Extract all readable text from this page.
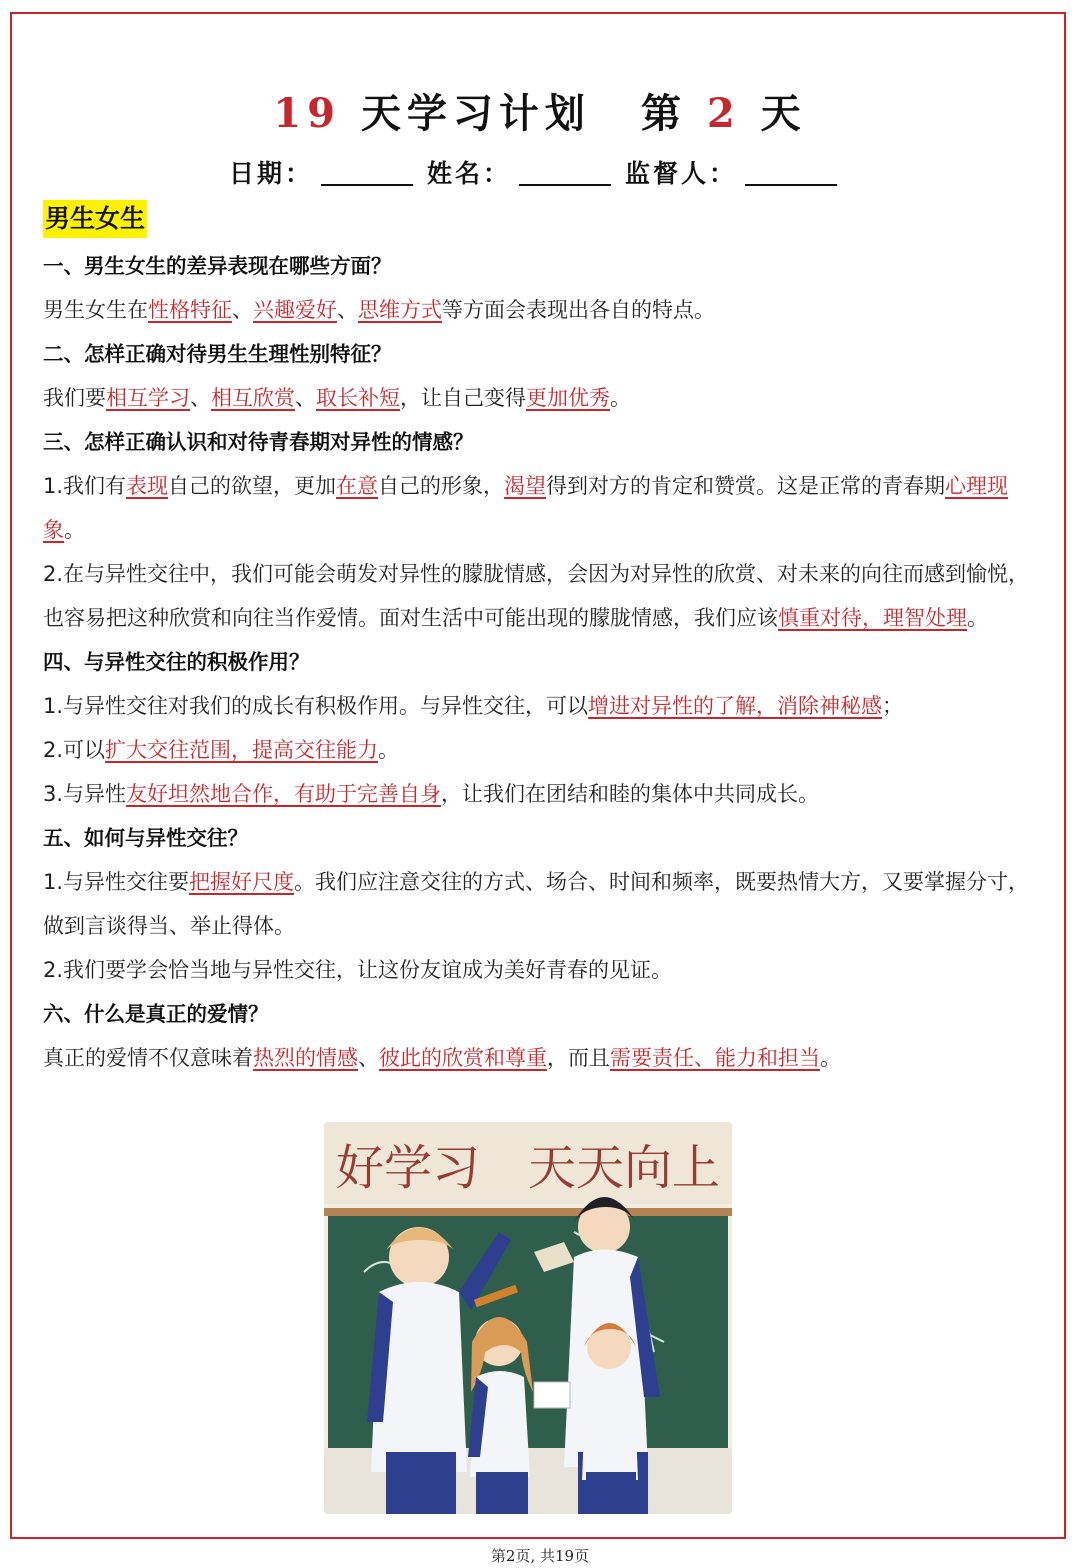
19 天学习计划 第 2 天
日期：	姓名：	监督人：
男生女生
一、男生女生的差异表现在哪些方面？
男生女生在性格特征、兴趣爱好、思维方式等方面会表现出各自的特点。
二、怎样正确对待男生生理性别特征？
我们要相互学习、相互欣赏、取长补短，让自己变得更加优秀。
三、怎样正确认识和对待青春期对异性的情感？
1.我们有表现自己的欲望，更加在意自己的形象，渴望得到对方的肯定和赞赏。这是正常的青春期心理现象。
2.在与异性交往中，我们可能会萌发对异性的朦胧情感，会因为对异性的欣赏、对未来的向往而感到愉悦，也容易把这种欣赏和向往当作爱情。面对生活中可能出现的朦胧情感，我们应该慎重对待，理智处理。
四、与异性交往的积极作用？
1.与异性交往对我们的成长有积极作用。与异性交往，可以增进对异性的了解，消除神秘感；
2.可以扩大交往范围，提高交往能力。
3.与异性友好坦然地合作，有助于完善自身，让我们在团结和睦的集体中共同成长。
五、如何与异性交往？
1.与异性交往要把握好尺度。我们应注意交往的方式、场合、时间和频率，既要热情大方，又要掌握分寸，做到言谈得当、举止得体。
2.我们要学会恰当地与异性交往，让这份友谊成为美好青春的见证。
六、什么是真正的爱情？
真正的爱情不仅意味着热烈的情感、彼此的欣赏和尊重，而且需要责任、能力和担当。
好学习　天天向上
第2页, 共19页
